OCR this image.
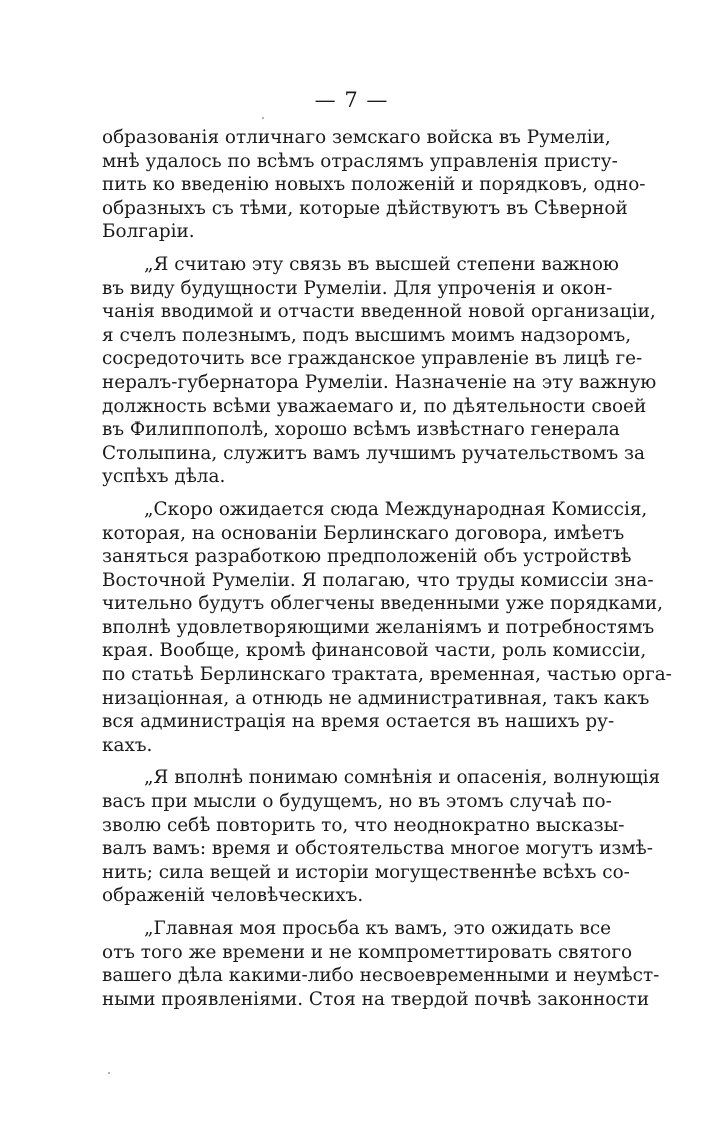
— 7 —
образованія отличнаго земскаго войска въ Румеліи,
мнѣ удалось по всѣмъ отраслямъ управленія присту-
пить ко введенію новыхъ положеній и порядковъ, одно-
образныхъ съ тѣми, которые дѣйствуютъ въ Сѣверной
Болгаріи.
„Я считаю эту связь въ высшей степени важною
въ виду будущности Румеліи. Для упроченія и окон-
чанія вводимой и отчасти введенной новой организаціи,
я счелъ полезнымъ, подъ высшимъ моимъ надзоромъ,
сосредоточить все гражданское управленіе въ лицѣ ге-
нералъ-губернатора Румеліи. Назначеніе на эту важную
должность всѣми уважаемаго и, по дѣятельности своей
въ Филиппополѣ, хорошо всѣмъ извѣстнаго генерала
Столыпина, служитъ вамъ лучшимъ ручательствомъ за
успѣхъ дѣла.
„Скоро ожидается сюда Международная Комиссія,
которая, на основаніи Берлинскаго договора, имѣетъ
заняться разработкою предположеній объ устройствѣ
Восточной Румеліи. Я полагаю, что труды комиссіи зна-
чительно будутъ облегчены введенными уже порядками,
вполнѣ удовлетворяющими желаніямъ и потребностямъ
края. Вообще, кромѣ финансовой части, роль комиссіи,
по статьѣ Берлинскаго трактата, временная, частью орга-
низаціонная, а отнюдь не административная, такъ какъ
вся администрація на время остается въ нашихъ ру-
кахъ.
„Я вполнѣ понимаю сомнѣнія и опасенія, волнующія
васъ при мысли о будущемъ, но въ этомъ случаѣ по-
зволю себѣ повторить то, что неоднократно высказы-
валъ вамъ: время и обстоятельства многое могутъ измѣ-
нить; сила вещей и исторіи могущественнѣе всѣхъ со-
ображеній человѣческихъ.
„Главная моя просьба къ вамъ, это ожидать все
отъ того же времени и не компрометтировать святого
вашего дѣла какими-либо несвоевременными и неумѣст-
ными проявленіями. Стоя на твердой почвѣ законности
